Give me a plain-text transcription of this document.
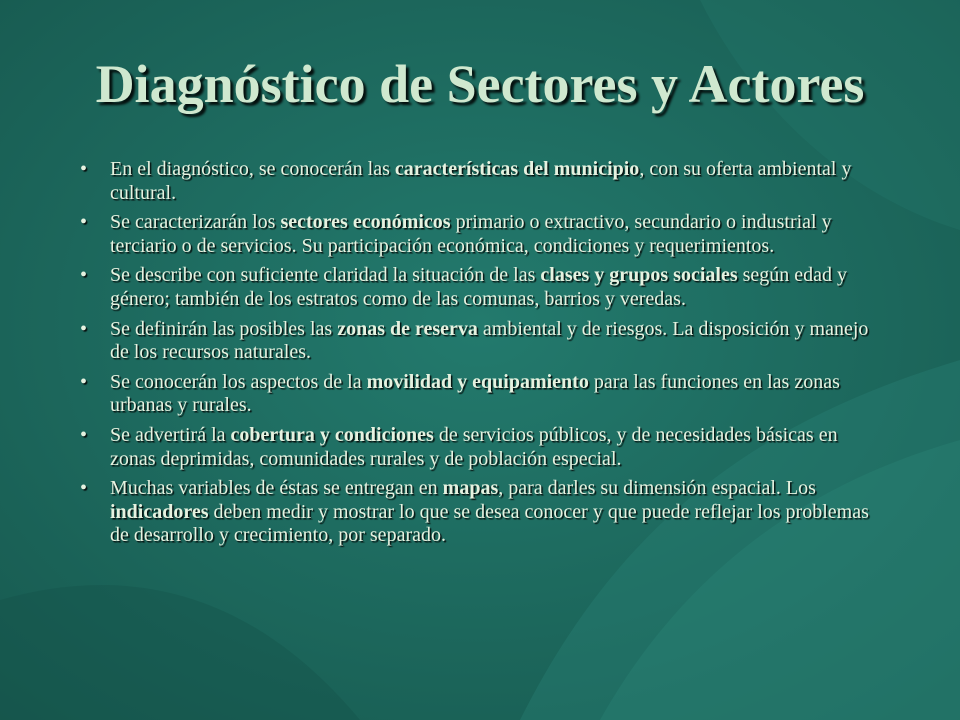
Diagnóstico de Sectores y Actores
• En el diagnóstico, se conocerán las características del municipio, con su oferta ambiental y cultural.
• Se caracterizarán los sectores económicos primario o extractivo, secundario o industrial y terciario o de servicios. Su participación económica, condiciones y requerimientos.
• Se describe con suficiente claridad la situación de las clases y grupos sociales según edad y género; también de los estratos como de las comunas, barrios y veredas.
• Se definirán las posibles las zonas de reserva ambiental y de riesgos. La disposición y manejo de los recursos naturales.
• Se conocerán los aspectos de la movilidad y equipamiento para las funciones en las zonas urbanas y rurales.
• Se advertirá la cobertura y condiciones de servicios públicos, y de necesidades básicas en zonas deprimidas, comunidades rurales y de población especial.
• Muchas variables de éstas se entregan en mapas, para darles su dimensión espacial. Los indicadores deben medir y mostrar lo que se desea conocer y que puede reflejar los problemas de desarrollo y crecimiento, por separado.
